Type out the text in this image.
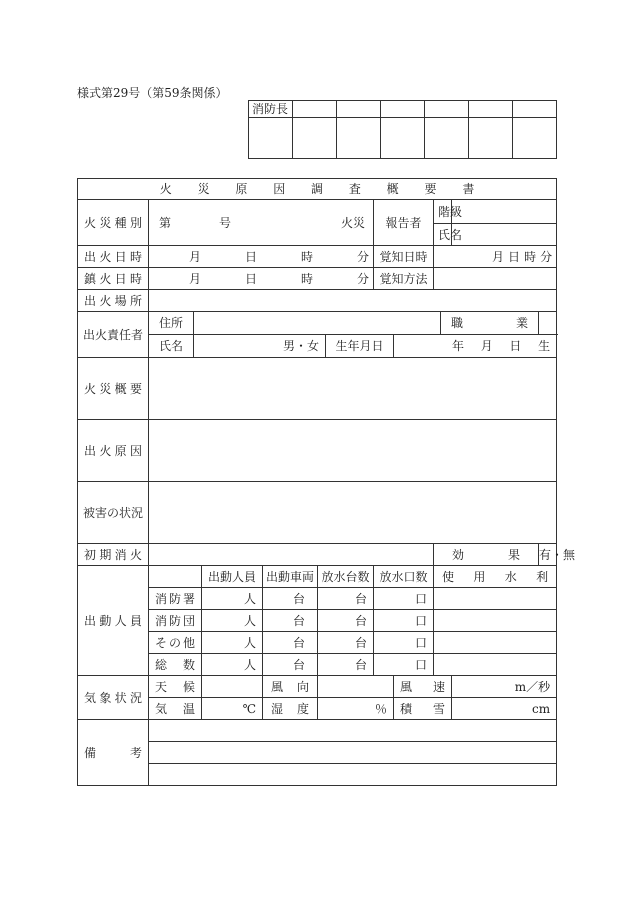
様式第29号（第59条関係）
消防長						

火 災 原 因 調 査 概 要 書												
火災種別	第 号 火災						報告者		階級			
									氏名			
出火日時	月 日 時 分						覚知日時		月 日 時 分			

鎮火日時	月 日 時 分						覚知方法					
出火場所												
出火責任者	住所									職業		
	氏名	男・女				生年月日		年 月 日 生				

火災概要												
出火原因												
被害の状況												
初期消火									効果			有・無
出動人員			出動人員	出動車両	放水台数		放水口数		使用水利			
	消防署		人	台	台		口					
	消防団		人	台	台		口					
	その他		人	台	台		口					
	総数		人	台	台		口					
気象状況	天候			風向				風速			m／秒	
	気温		℃	湿度	％			積雪			cm	
備考												
